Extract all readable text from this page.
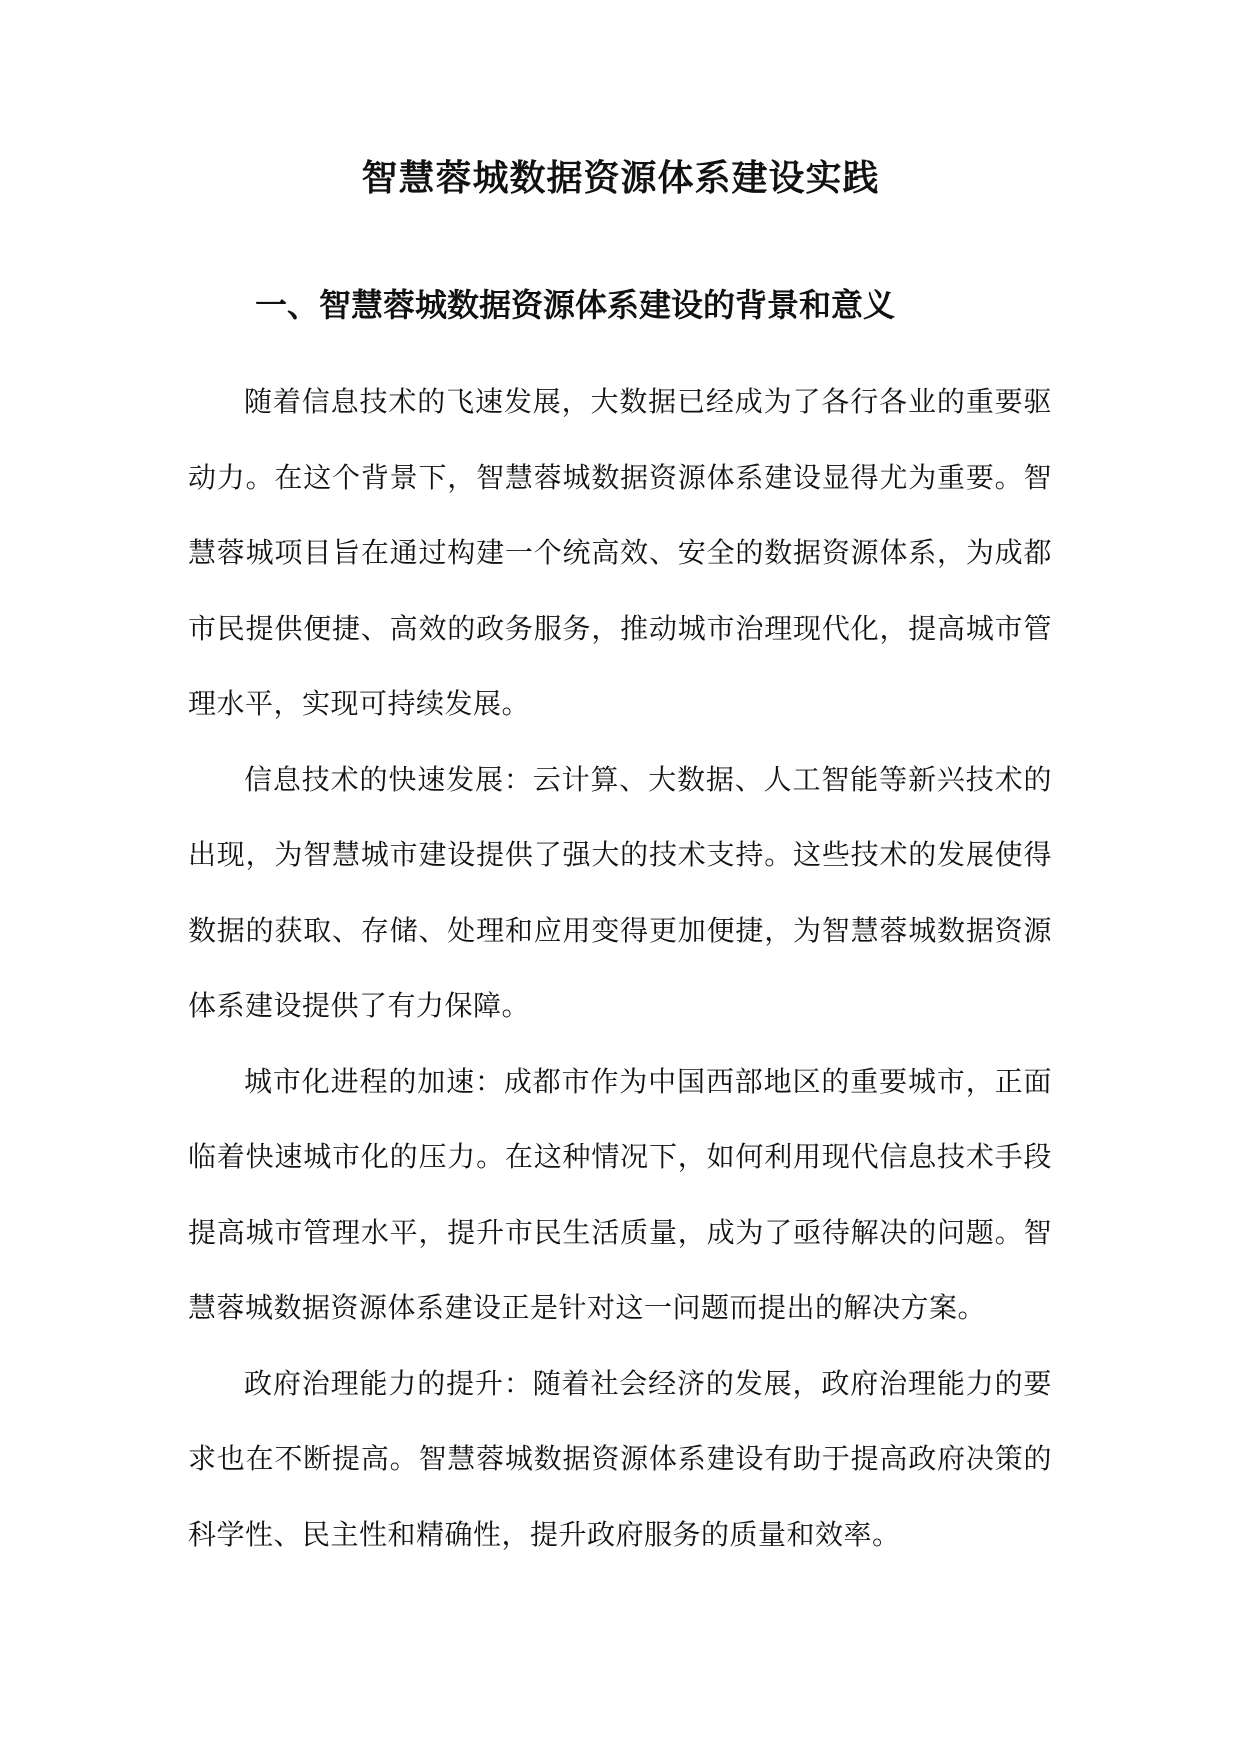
智慧蓉城数据资源体系建设实践
一、智慧蓉城数据资源体系建设的背景和意义

随着信息技术的飞速发展，大数据已经成为了各行各业的重要驱动力。在这个背景下，智慧蓉城数据资源体系建设显得尤为重要。智慧蓉城项目旨在通过构建一个统高效、安全的数据资源体系，为成都市民提供便捷、高效的政务服务，推动城市治理现代化，提高城市管理水平，实现可持续发展。

信息技术的快速发展：云计算、大数据、人工智能等新兴技术的出现，为智慧城市建设提供了强大的技术支持。这些技术的发展使得数据的获取、存储、处理和应用变得更加便捷，为智慧蓉城数据资源体系建设提供了有力保障。

城市化进程的加速：成都市作为中国西部地区的重要城市，正面临着快速城市化的压力。在这种情况下，如何利用现代信息技术手段提高城市管理水平，提升市民生活质量，成为了亟待解决的问题。智慧蓉城数据资源体系建设正是针对这一问题而提出的解决方案。

政府治理能力的提升：随着社会经济的发展，政府治理能力的要求也在不断提高。智慧蓉城数据资源体系建设有助于提高政府决策的科学性、民主性和精确性，提升政府服务的质量和效率。
